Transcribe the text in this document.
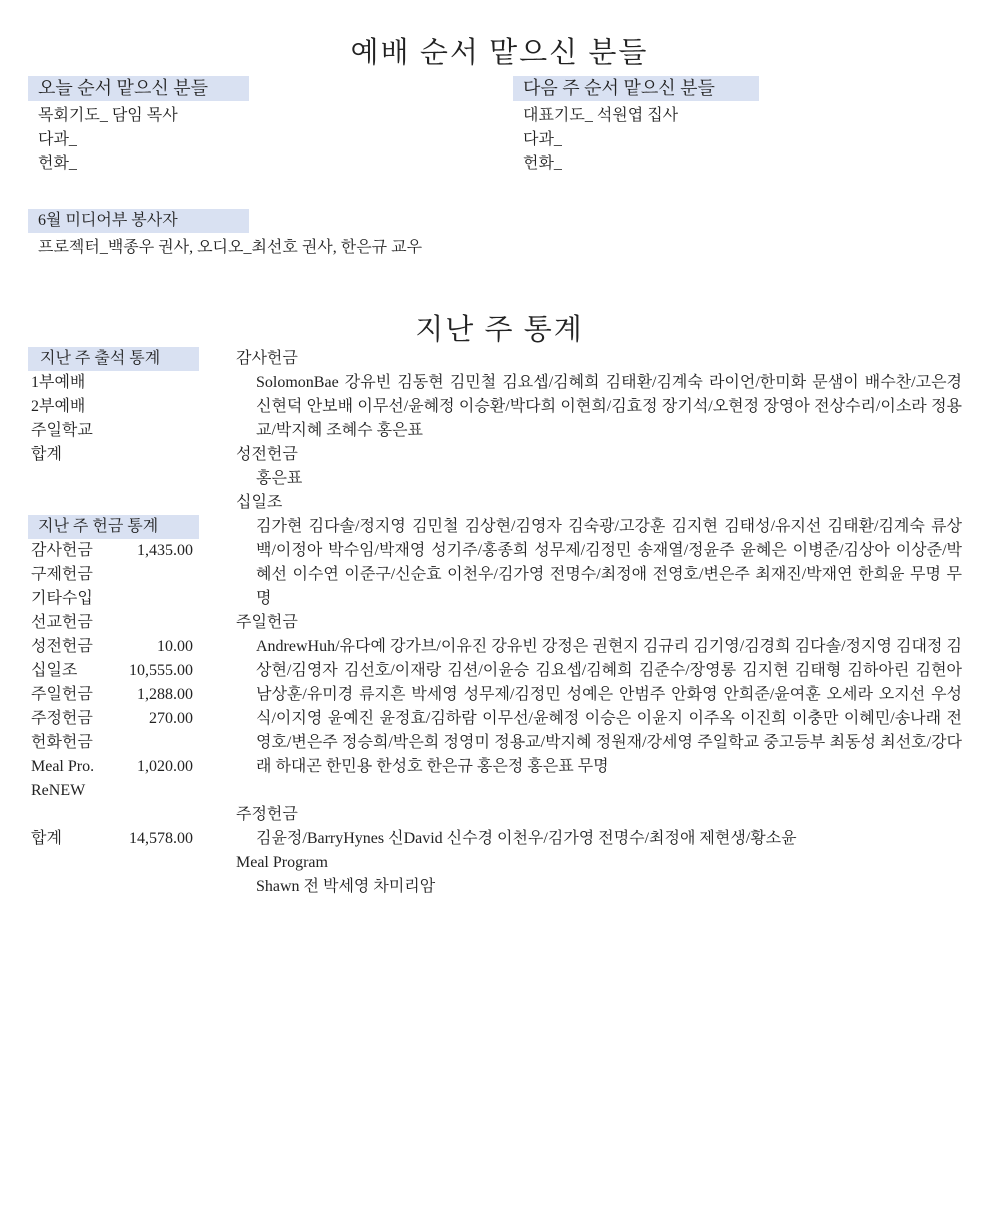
예배 순서 맡으신 분들
오늘 순서 맡으신 분들
목회기도_ 담임 목사
다과_
헌화_
다음 주 순서 맡으신 분들
대표기도_ 석원엽 집사
다과_
헌화_
6월 미디어부 봉사자
프로젝터_백종우 권사, 오디오_최선호 권사, 한은규 교우
지난 주 통계
지난 주 출석 통계
1부예배
2부예배
주일학교
합계
지난 주 헌금 통계
감사헌금	1,435.00
구제헌금
기타수입
선교헌금
성전헌금	10.00
십일조	10,555.00
주일헌금	1,288.00
주정헌금	270.00
헌화헌금
Meal Pro.	1,020.00
ReNEW
합계	14,578.00
감사헌금
SolomonBae 강유빈 김동현 김민철 김요셉/김혜희 김태환/김계숙 라이언/한미화 문샘이 배수찬/고은경 신현덕 안보배 이무선/윤혜정 이승환/박다희 이현희/김효정 장기석/오현정 장영아 전상수리/이소라 정용교/박지혜 조혜수 홍은표
성전헌금
홍은표
십일조
김가현 김다솔/정지영 김민철 김상현/김영자 김숙광/고강훈 김지현 김태성/유지선 김태환/김계숙 류상백/이정아 박수임/박재영 성기주/홍종희 성무제/김정민 송재열/정윤주 윤혜은 이병준/김상아 이상준/박혜선 이수연 이준구/신순효 이천우/김가영 전명수/최정애 전영호/변은주 최재진/박재연 한희윤 무명 무명
주일헌금
AndrewHuh/유다예 강가브/이유진 강유빈 강정은 권현지 김규리 김기영/김경희 김다솔/정지영 김대정 김상현/김영자 김선호/이재랑 김션/이윤승 김요셉/김혜희 김준수/장영롱 김지현 김태형 김하아린 김현아 남상훈/유미경 류지흔 박세영 성무제/김정민 성예은 안범주 안화영 안희준/윤여훈 오세라 오지선 우성식/이지영 윤예진 윤정효/김하람 이무선/윤혜정 이승은 이윤지 이주옥 이진희 이충만 이혜민/송나래 전영호/변은주 정승희/박은희 정영미 정용교/박지혜 정원재/강세영 주일학교 중고등부 최동성 최선호/강다래 하대곤 한민용 한성호 한은규 홍은정 홍은표 무명
주정헌금
김윤정/BarryHynes 신David 신수경 이천우/김가영 전명수/최정애 제현생/황소윤
Meal Program
Shawn 전 박세영 차미리암
